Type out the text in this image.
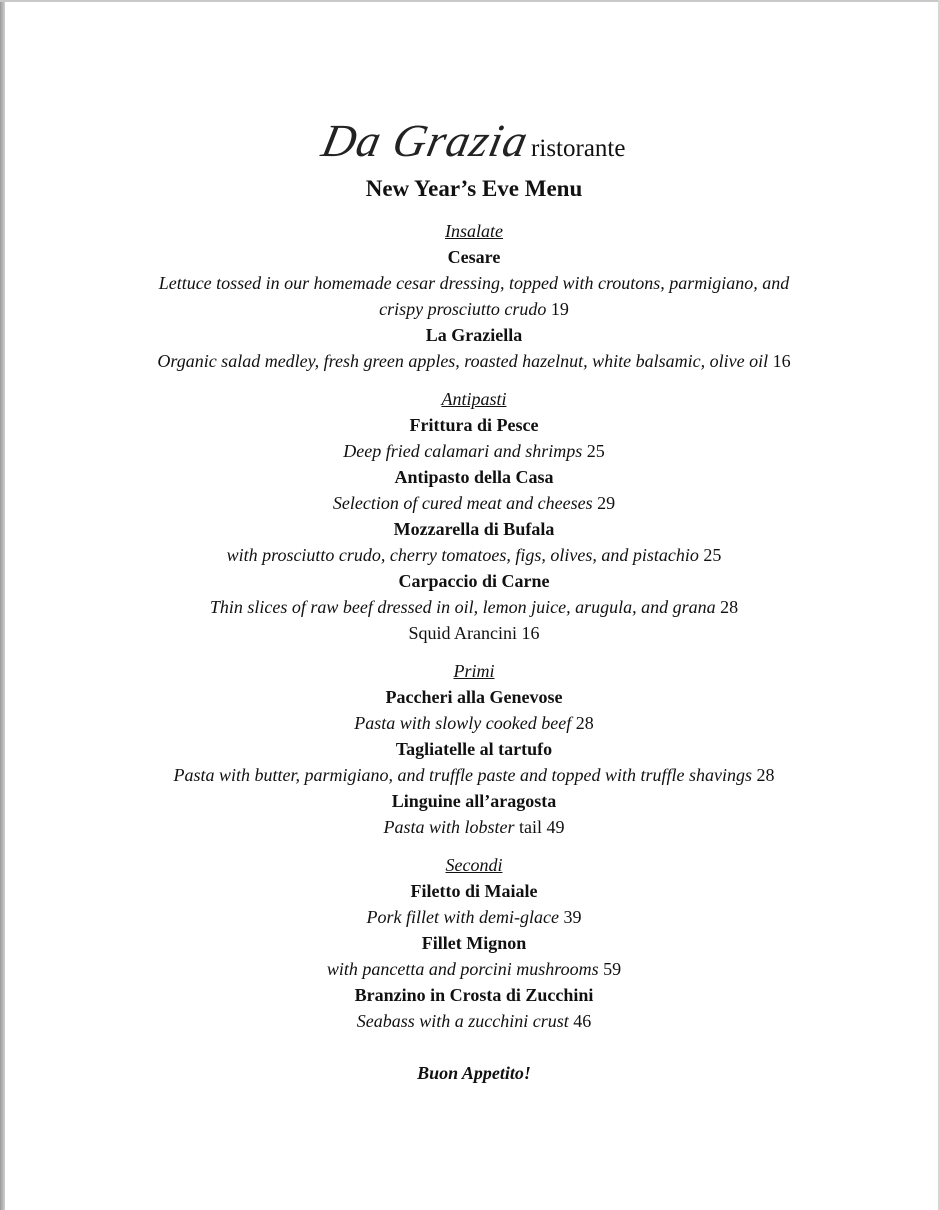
Da Grazia ristorante
New Year’s Eve Menu
Insalate
Cesare
Lettuce tossed in our homemade cesar dressing, topped with croutons, parmigiano, and
crispy prosciutto crudo 19
La Graziella
Organic salad medley, fresh green apples, roasted hazelnut, white balsamic, olive oil 16
Antipasti
Frittura di Pesce
Deep fried calamari and shrimps 25
Antipasto della Casa
Selection of cured meat and cheeses 29
Mozzarella di Bufala
with prosciutto crudo, cherry tomatoes, figs, olives, and pistachio 25
Carpaccio di Carne
Thin slices of raw beef dressed in oil, lemon juice, arugula, and grana 28
Squid Arancini 16
Primi
Paccheri alla Genevose
Pasta with slowly cooked beef 28
Tagliatelle al tartufo
Pasta with butter, parmigiano, and truffle paste and topped with truffle shavings 28
Linguine all’aragosta
Pasta with lobster tail 49
Secondi
Filetto di Maiale
Pork fillet with demi-glace 39
Fillet Mignon
with pancetta and porcini mushrooms 59
Branzino in Crosta di Zucchini
Seabass with a zucchini crust 46
Buon Appetito!
